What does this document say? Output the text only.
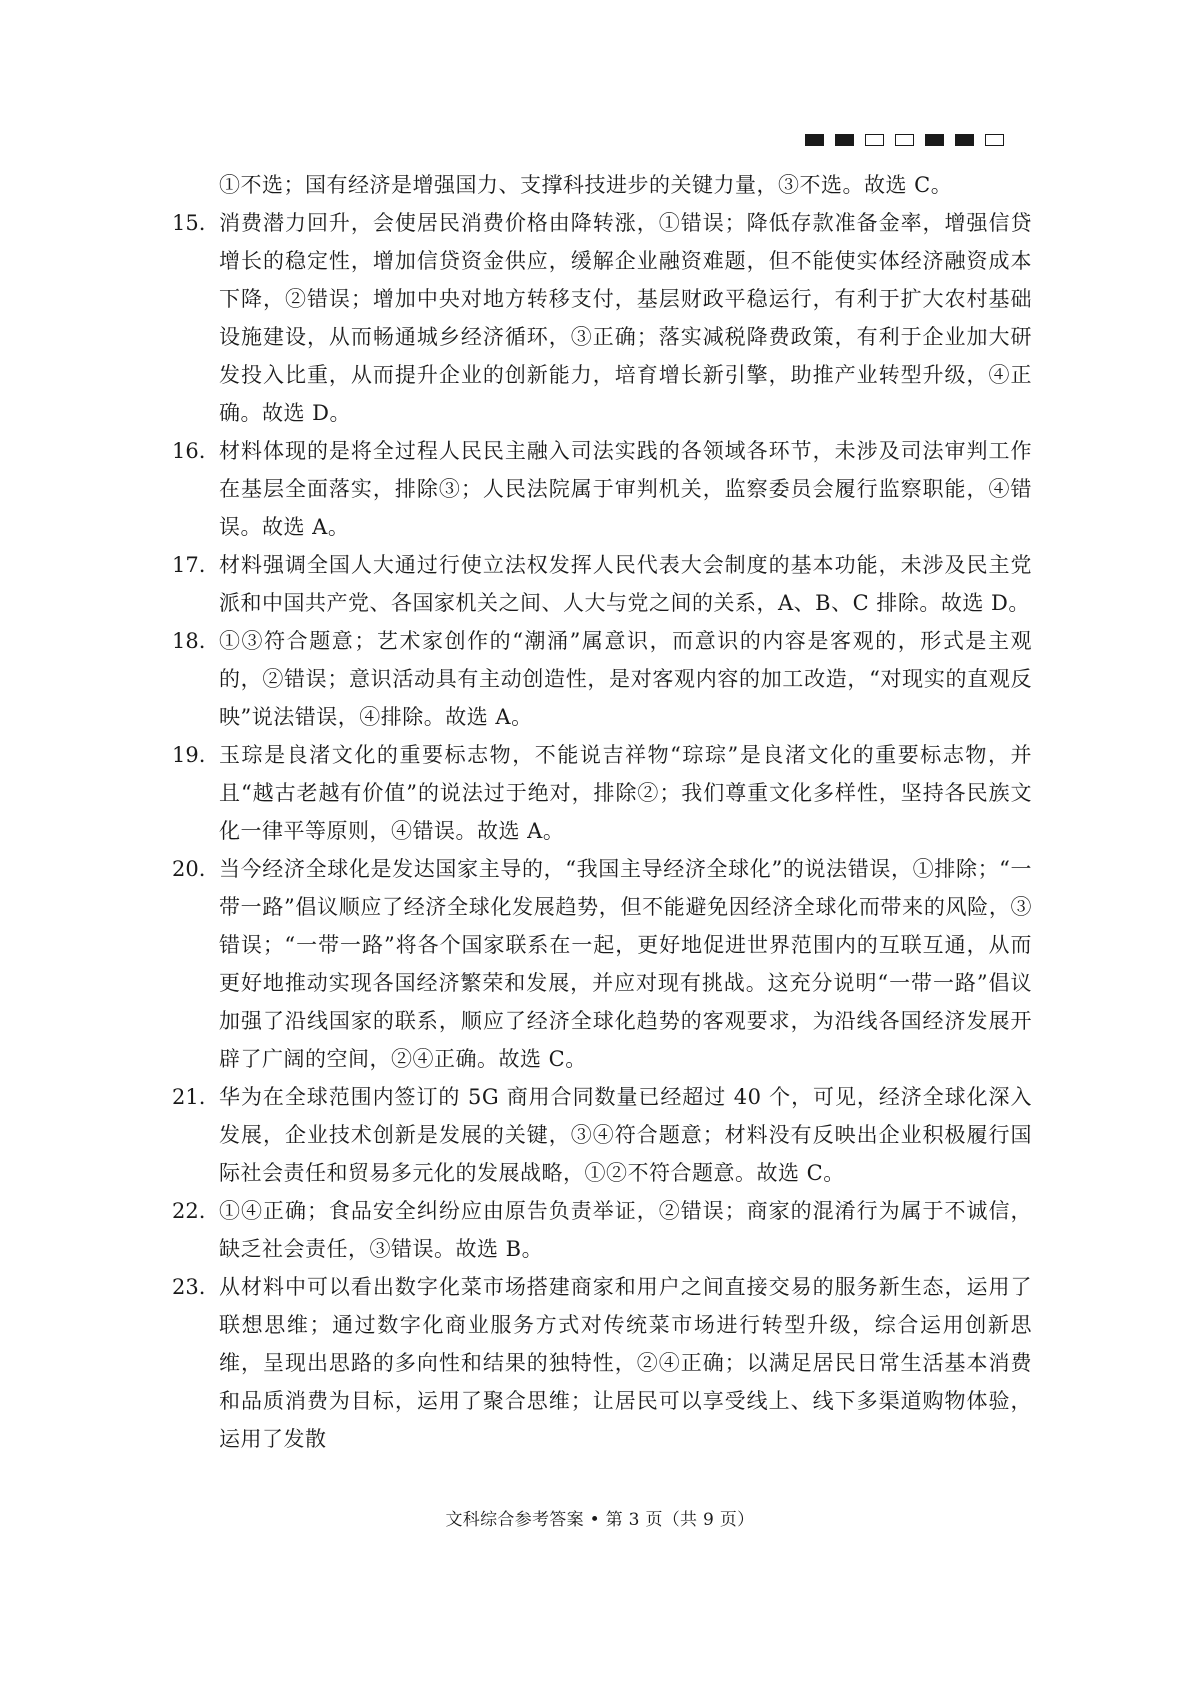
①不选；国有经济是增强国力、支撑科技进步的关键力量，③不选。故选 C。

15. 消费潜力回升，会使居民消费价格由降转涨，①错误；降低存款准备金率，增强信贷增长的稳定性，增加信贷资金供应，缓解企业融资难题，但不能使实体经济融资成本下降，②错误；增加中央对地方转移支付，基层财政平稳运行，有利于扩大农村基础设施建设，从而畅通城乡经济循环，③正确；落实减税降费政策，有利于企业加大研发投入比重，从而提升企业的创新能力，培育增长新引擎，助推产业转型升级，④正确。故选 D。
16. 材料体现的是将全过程人民民主融入司法实践的各领域各环节，未涉及司法审判工作在基层全面落实，排除③；人民法院属于审判机关，监察委员会履行监察职能，④错误。故选 A。
17. 材料强调全国人大通过行使立法权发挥人民代表大会制度的基本功能，未涉及民主党派和中国共产党、各国家机关之间、人大与党之间的关系，A、B、C 排除。故选 D。
18. ①③符合题意；艺术家创作的“潮涌”属意识，而意识的内容是客观的，形式是主观的，②错误；意识活动具有主动创造性，是对客观内容的加工改造，“对现实的直观反映”说法错误，④排除。故选 A。
19. 玉琮是良渚文化的重要标志物，不能说吉祥物“琮琮”是良渚文化的重要标志物，并且“越古老越有价值”的说法过于绝对，排除②；我们尊重文化多样性，坚持各民族文化一律平等原则，④错误。故选 A。
20. 当今经济全球化是发达国家主导的，“我国主导经济全球化”的说法错误，①排除；“一带一路”倡议顺应了经济全球化发展趋势，但不能避免因经济全球化而带来的风险，③错误；“一带一路”将各个国家联系在一起，更好地促进世界范围内的互联互通，从而更好地推动实现各国经济繁荣和发展，并应对现有挑战。这充分说明“一带一路”倡议加强了沿线国家的联系，顺应了经济全球化趋势的客观要求，为沿线各国经济发展开辟了广阔的空间，②④正确。故选 C。
21. 华为在全球范围内签订的 5G 商用合同数量已经超过 40 个，可见，经济全球化深入发展，企业技术创新是发展的关键，③④符合题意；材料没有反映出企业积极履行国际社会责任和贸易多元化的发展战略，①②不符合题意。故选 C。
22. ①④正确；食品安全纠纷应由原告负责举证，②错误；商家的混淆行为属于不诚信，缺乏社会责任，③错误。故选 B。
23. 从材料中可以看出数字化菜市场搭建商家和用户之间直接交易的服务新生态，运用了联想思维；通过数字化商业服务方式对传统菜市场进行转型升级，综合运用创新思维，呈现出思路的多向性和结果的独特性，②④正确；以满足居民日常生活基本消费和品质消费为目标，运用了聚合思维；让居民可以享受线上、线下多渠道购物体验，运用了发散
文科综合参考答案 • 第 3 页（共 9 页）
